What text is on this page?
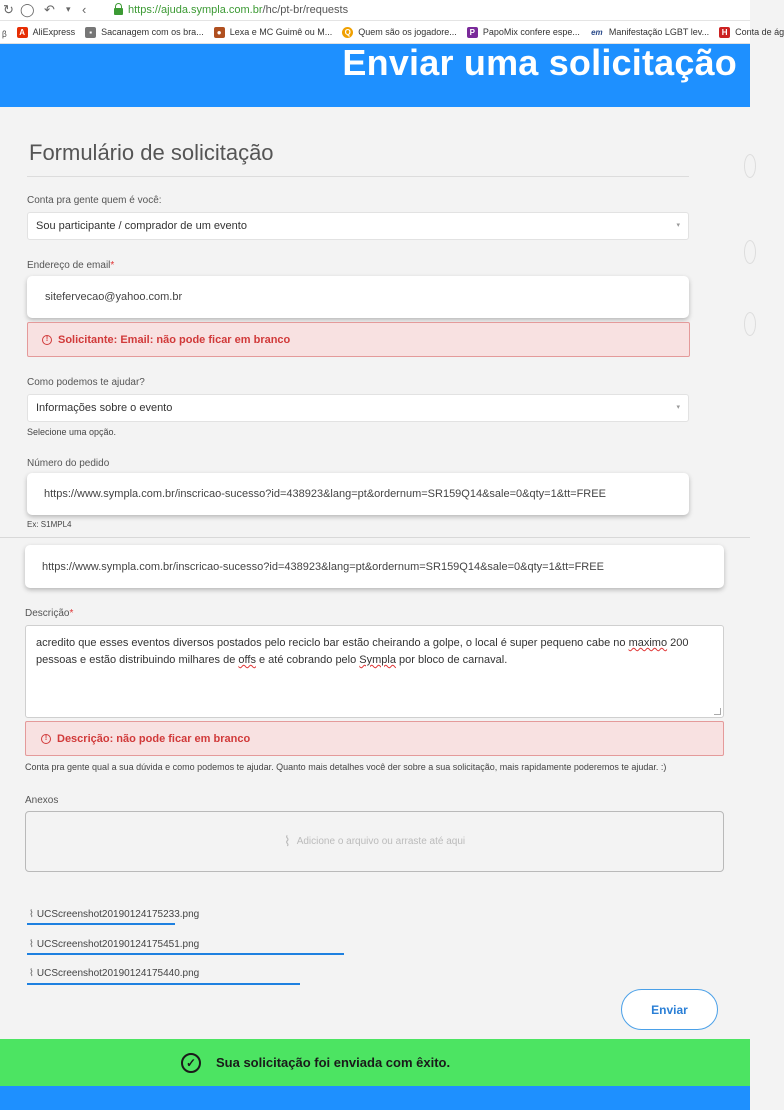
↻ ◯ ↶ ▾ ‹	https://ajuda.sympla.com.br /hc/pt-br/requests
ᵦ	A AliExpress	▪	Sacanagem com os bra...	● Lexa e MC Guimê ou M... Q Quem são os jogadore...	P PapoMix confere espe... em Manifestação LGBT lev...	H Conta de ág
Enviar uma solicitação
Formulário de solicitação
Conta pra gente quem é você:
Sou participante / comprador de um evento	▾
Endereço de email*
sitefervecao@yahoo.com.br
! Solicitante: Email: não pode ficar em branco
Como podemos te ajudar?
Informações sobre o evento	▾
Selecione uma opção.
Número do pedido
https://www.sympla.com.br/inscricao-sucesso?id=438923&lang=pt&ordernum=SR159Q14&sale=0&qty=1&tt=FREE
Ex: S1MPL4
https://www.sympla.com.br/inscricao-sucesso?id=438923&lang=pt&ordernum=SR159Q14&sale=0&qty=1&tt=FREE
Descrição*
acredito que esses eventos diversos postados pelo reciclo bar estão cheirando a golpe, o local é super pequeno cabe no maximo 200 pessoas e estão distribuindo milhares de offs e até cobrando pelo Sympla por bloco de carnaval.
! Descrição: não pode ficar em branco
Conta pra gente qual a sua dúvida e como podemos te ajudar. Quanto mais detalhes você der sobre a sua solicitação, mais rapidamente poderemos te ajudar. :)
Anexos
⌇ Adicione o arquivo ou arraste até aqui
⌇ UCScreenshot20190124175233.png
⌇ UCScreenshot20190124175451.png
⌇ UCScreenshot20190124175440.png
Enviar
✓	Sua solicitação foi enviada com êxito.
